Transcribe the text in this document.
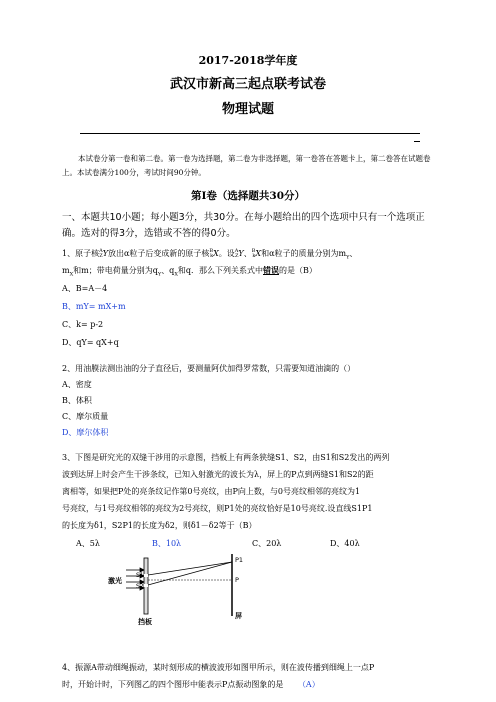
2017-2018学年度
武汉市新高三起点联考试卷
物理试题
本试卷分第一卷和第二卷。第一卷为选择题，第二卷为非选择题，第一卷答在答题卡上，第二卷答在试题卷上。本试卷满分100分，考试时间90分钟。
第Ⅰ卷（选择题共30分）
一、本题共10小题；每小题3分，共30分。在每小题给出的四个选项中只有一个选项正确。选对的得3分，选错或不答的得0分。
1、原子核A
ZY放出α粒子后变成新的原子核B
kX。设A
ZY、B
kX和α粒子的质量分别为$m_Y$、
$m_X$和m；带电荷量分别为$q_Y$、$q_X$和q．那么下列关系式中错误的是（B）
A、B=A－4
B、mY= mX+m
C、k= p-2
D、qY= qX+q
2、用油膜法测出油的分子直径后，要测量阿伏加得罗常数，只需要知道油滴的（）
A、密度
B、体积
C、摩尔质量
D、摩尔体积
3、下图是研究光的双缝干涉用的示意图，挡板上有两条狭缝S1、S2，由S1和S2发出的两列
波到达屏上时会产生干涉条纹，已知入射激光的波长为λ，屏上的P点到两缝S1和S2的距
离相等，如果把P处的亮条纹记作第0号亮纹，由P向上数，与0号亮纹相邻的亮纹为1
号亮纹，与1号亮纹相邻的亮纹为2号亮纹，则P1处的亮纹恰好是10号亮纹.设直线S1P1
的长度为δ1，S2P1的长度为δ2，则δ1－δ2等于（B）
A、5λ	B、10λ	C、20λ	D、40λ
激光
S1
S2
挡板
P1
P
屏
4、振源A带动细绳振动，某时刻形成的横波波形如图甲所示，则在波传播到细绳上一点P
时，开始计时，下列图乙的四个图形中能表示P点振动图象的是 （A）
